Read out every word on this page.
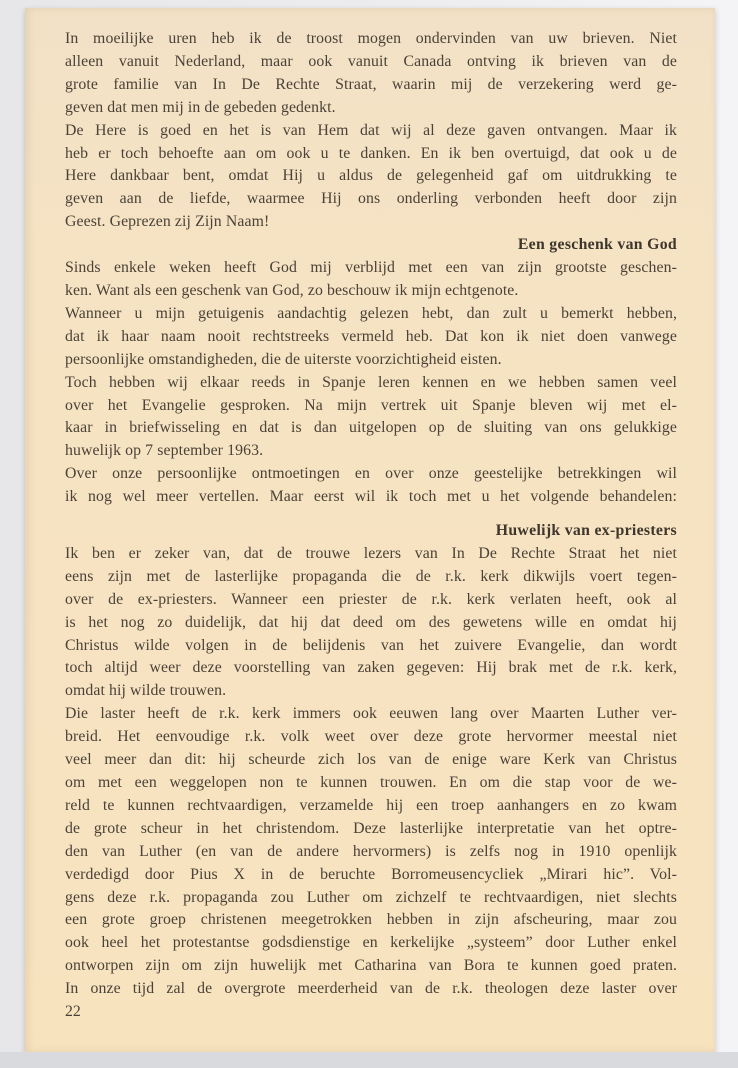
In moeilijke uren heb ik de troost mogen ondervinden van uw brieven. Niet
alleen vanuit Nederland, maar ook vanuit Canada ontving ik brieven van de
grote familie van In De Rechte Straat, waarin mij de verzekering werd ge-
geven dat men mij in de gebeden gedenkt.
De Here is goed en het is van Hem dat wij al deze gaven ontvangen. Maar ik
heb er toch behoefte aan om ook u te danken. En ik ben overtuigd, dat ook u de
Here dankbaar bent, omdat Hij u aldus de gelegenheid gaf om uitdrukking te
geven aan de liefde, waarmee Hij ons onderling verbonden heeft door zijn
Geest. Geprezen zij Zijn Naam!
Een geschenk van God
Sinds enkele weken heeft God mij verblijd met een van zijn grootste geschen-
ken. Want als een geschenk van God, zo beschouw ik mijn echtgenote.
Wanneer u mijn getuigenis aandachtig gelezen hebt, dan zult u bemerkt hebben,
dat ik haar naam nooit rechtstreeks vermeld heb. Dat kon ik niet doen vanwege
persoonlijke omstandigheden, die de uiterste voorzichtigheid eisten.
Toch hebben wij elkaar reeds in Spanje leren kennen en we hebben samen veel
over het Evangelie gesproken. Na mijn vertrek uit Spanje bleven wij met el-
kaar in briefwisseling en dat is dan uitgelopen op de sluiting van ons gelukkige
huwelijk op 7 september 1963.
Over onze persoonlijke ontmoetingen en over onze geestelijke betrekkingen wil
ik nog wel meer vertellen. Maar eerst wil ik toch met u het volgende behandelen:
Huwelijk van ex-priesters
Ik ben er zeker van, dat de trouwe lezers van In De Rechte Straat het niet
eens zijn met de lasterlijke propaganda die de r.k. kerk dikwijls voert tegen-
over de ex-priesters. Wanneer een priester de r.k. kerk verlaten heeft, ook al
is het nog zo duidelijk, dat hij dat deed om des gewetens wille en omdat hij
Christus wilde volgen in de belijdenis van het zuivere Evangelie, dan wordt
toch altijd weer deze voorstelling van zaken gegeven: Hij brak met de r.k. kerk,
omdat hij wilde trouwen.
Die laster heeft de r.k. kerk immers ook eeuwen lang over Maarten Luther ver-
breid. Het eenvoudige r.k. volk weet over deze grote hervormer meestal niet
veel meer dan dit: hij scheurde zich los van de enige ware Kerk van Christus
om met een weggelopen non te kunnen trouwen. En om die stap voor de we-
reld te kunnen rechtvaardigen, verzamelde hij een troep aanhangers en zo kwam
de grote scheur in het christendom. Deze lasterlijke interpretatie van het optre-
den van Luther (en van de andere hervormers) is zelfs nog in 1910 openlijk
verdedigd door Pius X in de beruchte Borromeusencycliek „Mirari hic”. Vol-
gens deze r.k. propaganda zou Luther om zichzelf te rechtvaardigen, niet slechts
een grote groep christenen meegetrokken hebben in zijn afscheuring, maar zou
ook heel het protestantse godsdienstige en kerkelijke „systeem” door Luther enkel
ontworpen zijn om zijn huwelijk met Catharina van Bora te kunnen goed praten.
In onze tijd zal de overgrote meerderheid van de r.k. theologen deze laster over
22
